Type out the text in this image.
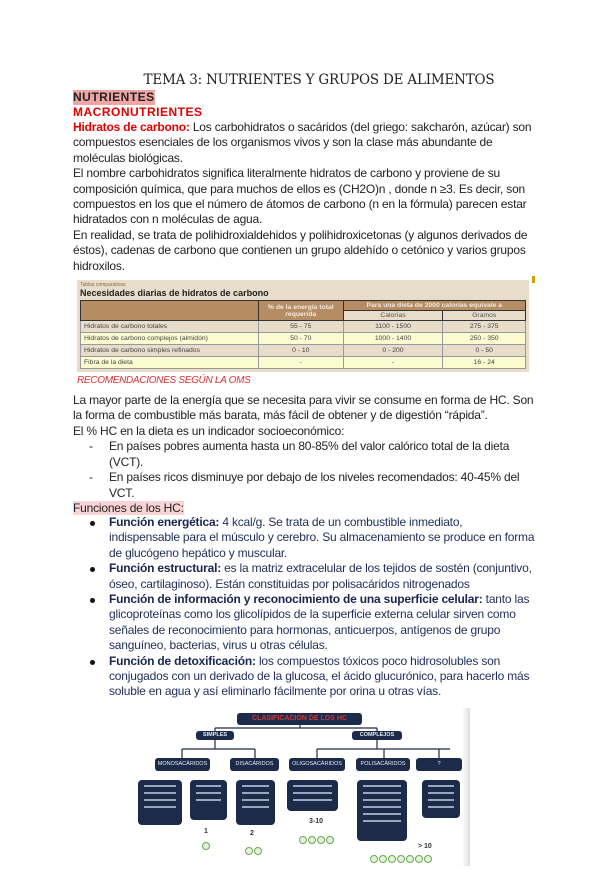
TEMA 3: NUTRIENTES Y GRUPOS DE ALIMENTOS
NUTRIENTES
MACRONUTRIENTES

Hidratos de carbono: Los carbohidratos o sacáridos (del griego: sakcharón, azúcar) son compuestos esenciales de los organismos vivos y son la clase más abundante de moléculas biológicas.

El nombre carbohidratos significa literalmente hidratos de carbono y proviene de su composición química, que para muchos de ellos es (CH2O)n , donde n ≥3. Es decir, son compuestos en los que el número de átomos de carbono (n en la fórmula) parecen estar hidratados con n moléculas de agua.

En realidad, se trata de polihidroxialdehidos y polihidroxicetonas (y algunos derivados de éstos), cadenas de carbono que contienen un grupo aldehído o cetónico y varios grupos hidroxilos.

Tablas comparativas
Necesidades diarias de hidratos de carbono
	% de la energía total requerida	Para una dieta de 2000 calorías equivale a	
		Calorías	Gramos
Hidratos de carbono totales	55 - 75	1100 - 1500	275 - 375
Hidratos de carbono complejos (almidón)	50 - 70	1000 - 1400	250 - 350
Hidratos de carbono simples refinados	0 - 10	0 - 200	0 - 50
Fibra de la dieta	-	-	16 - 24
RECOMENDACIONES SEGÚN LA OMS

La mayor parte de la energía que se necesita para vivir se consume en forma de HC. Son la forma de combustible más barata, más fácil de obtener y de digestión “rápida”.

El % HC en la dieta es un indicador socioeconómico:

- En países pobres aumenta hasta un 80-85% del valor calórico total de la dieta (VCT).

- En países ricos disminuye por debajo de los niveles recomendados: 40-45% del VCT.

Funciones de los HC:
Función energética: 4 kcal/g. Se trata de un combustible inmediato, indispensable para el músculo y cerebro. Su almacenamiento se produce en forma de glucógeno hepático y muscular.
Función estructural: es la matriz extracelular de los tejidos de sostén (conjuntivo, óseo, cartilaginoso). Están constituidas por polisacáridos nitrogenados
Función de información y reconocimiento de una superficie celular: tanto las glicoproteínas como los glicolípidos de la superficie externa celular sirven como señales de reconocimiento para hormonas, anticuerpos, antígenos de grupo sanguíneo, bacterias, virus u otras células.
Función de detoxificación: los compuestos tóxicos poco hidrosolubles son conjugados con un derivado de la glucosa, el ácido glucurónico, para hacerlo más soluble en agua y así eliminarlo fácilmente por orina u otras vías.
CLASIFICACIÓN DE LOS HC
SIMPLES	COMPLEJOS
MONOSACÁRIDOS	DISACÁRIDOS	OLIGOSACÁRIDOS	POLISACÁRIDOS	?
1	2
3-10
> 10
